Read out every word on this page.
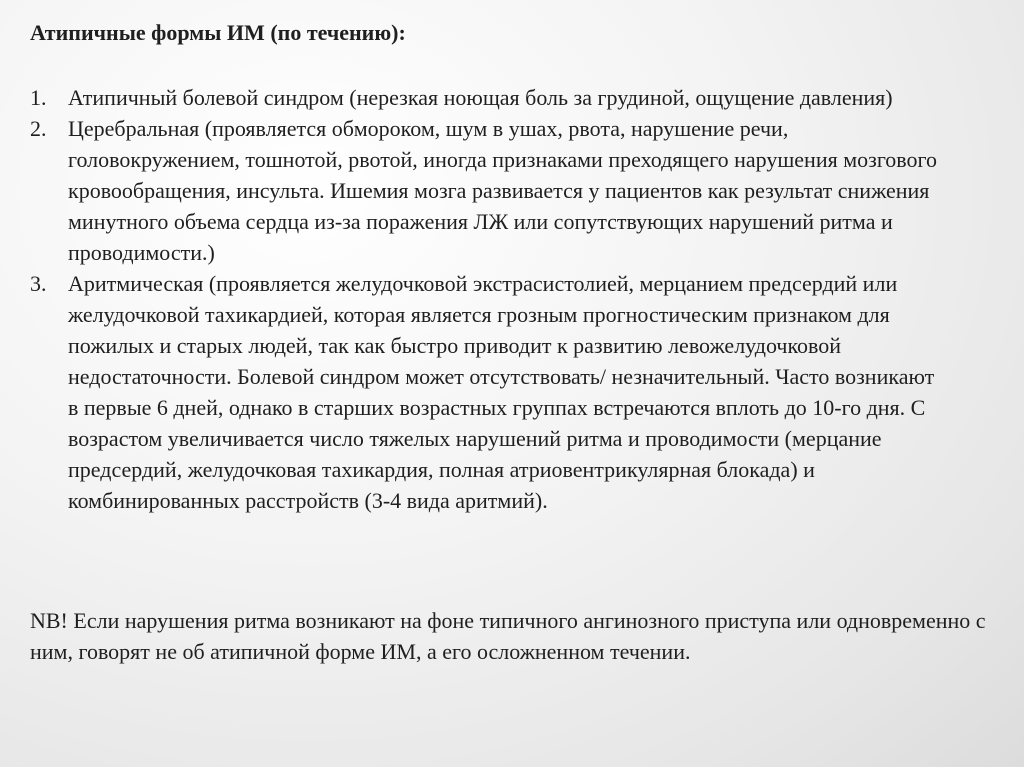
Атипичные формы ИМ (по течению):
1. Атипичный болевой синдром (нерезкая ноющая боль за грудиной, ощущение давления)
2. Церебральная (проявляется обмороком, шум в ушах, рвота, нарушение речи, головокружением, тошнотой, рвотой, иногда признаками преходящего нарушения мозгового кровообращения, инсульта. Ишемия мозга развивается у пациентов как результат снижения минутного объема сердца из-за поражения ЛЖ или сопутствующих нарушений ритма и проводимости.)
3. Аритмическая (проявляется желудочковой экстрасистолией, мерцанием предсердий или желудочковой тахикардией, которая является грозным прогностическим признаком для пожилых и старых людей, так как быстро приводит к развитию левожелудочковой недостаточности. Болевой синдром может отсутствовать/ незначительный. Часто возникают в первые 6 дней, однако в старших возрастных группах встречаются вплоть до 10-го дня. С возрастом увеличивается число тяжелых нарушений ритма и проводимости (мерцание предсердий, желудочковая тахикардия, полная атриовентрикулярная блокада) и комбинированных расстройств (3-4 вида аритмий).

NB! Если нарушения ритма возникают на фоне типичного ангинозного приступа или одновременно с ним, говорят не об атипичной форме ИМ, а его осложненном течении.
